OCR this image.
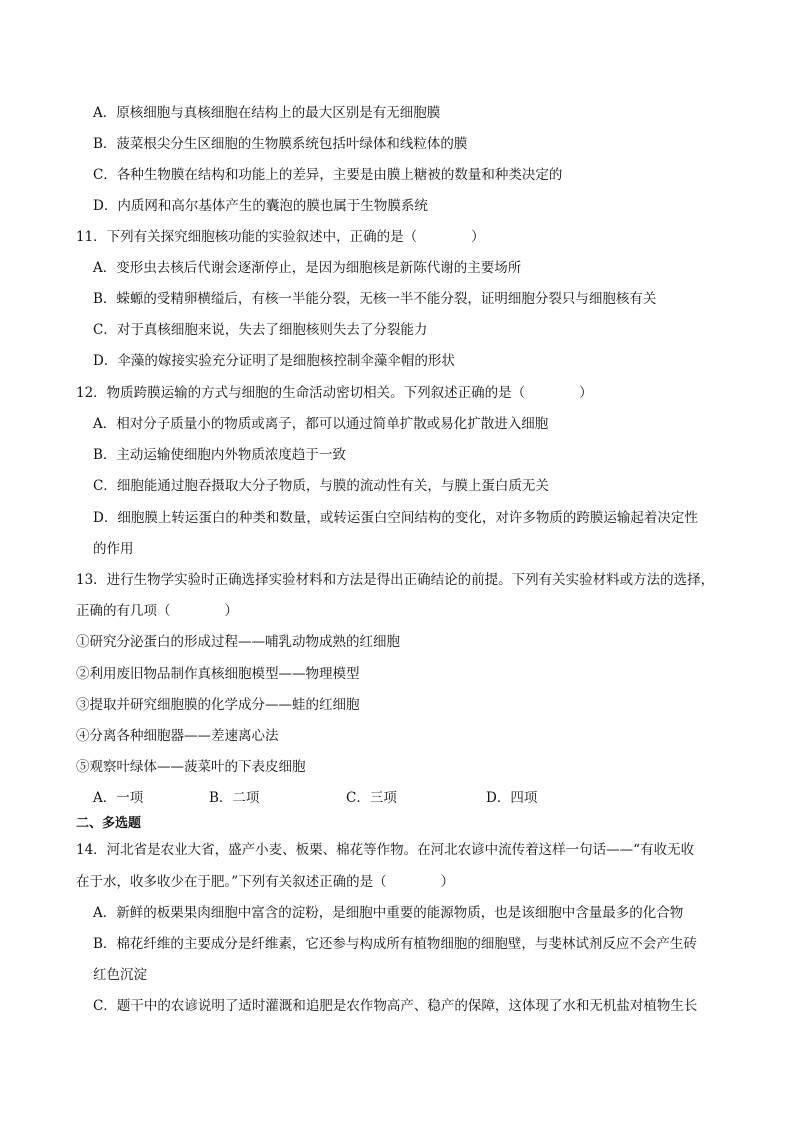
A．原核细胞与真核细胞在结构上的最大区别是有无细胞膜
B．菠菜根尖分生区细胞的生物膜系统包括叶绿体和线粒体的膜
C．各种生物膜在结构和功能上的差异，主要是由膜上糖被的数量和种类决定的
D．内质网和高尔基体产生的囊泡的膜也属于生物膜系统
11．下列有关探究细胞核功能的实验叙述中，正确的是（　　　　）
A．变形虫去核后代谢会逐渐停止，是因为细胞核是新陈代谢的主要场所
B．蝾螈的受精卵横缢后，有核一半能分裂，无核一半不能分裂，证明细胞分裂只与细胞核有关
C．对于真核细胞来说，失去了细胞核则失去了分裂能力
D．伞藻的嫁接实验充分证明了是细胞核控制伞藻伞帽的形状
12．物质跨膜运输的方式与细胞的生命活动密切相关。下列叙述正确的是（　　　　）
A．相对分子质量小的物质或离子，都可以通过简单扩散或易化扩散进入细胞
B．主动运输使细胞内外物质浓度趋于一致
C．细胞能通过胞吞摄取大分子物质，与膜的流动性有关，与膜上蛋白质无关
D．细胞膜上转运蛋白的种类和数量，或转运蛋白空间结构的变化，对许多物质的跨膜运输起着决定性
的作用
13．进行生物学实验时正确选择实验材料和方法是得出正确结论的前提。下列有关实验材料或方法的选择，
正确的有几项（　　　　）
①研究分泌蛋白的形成过程——哺乳动物成熟的红细胞
②利用废旧物品制作真核细胞模型——物理模型
③提取并研究细胞膜的化学成分——蛙的红细胞
④分离各种细胞器——差速离心法
⑤观察叶绿体——菠菜叶的下表皮细胞
A．一项	B．二项	C．三项	D．四项
二、多选题
14．河北省是农业大省，盛产小麦、板栗、棉花等作物。在河北农谚中流传着这样一句话——“有收无收
在于水，收多收少在于肥。”下列有关叙述正确的是（　　　　）
A．新鲜的板栗果肉细胞中富含的淀粉，是细胞中重要的能源物质，也是该细胞中含量最多的化合物
B．棉花纤维的主要成分是纤维素，它还参与构成所有植物细胞的细胞壁，与斐林试剂反应不会产生砖
红色沉淀
C．题干中的农谚说明了适时灌溉和追肥是农作物高产、稳产的保障，这体现了水和无机盐对植物生长
